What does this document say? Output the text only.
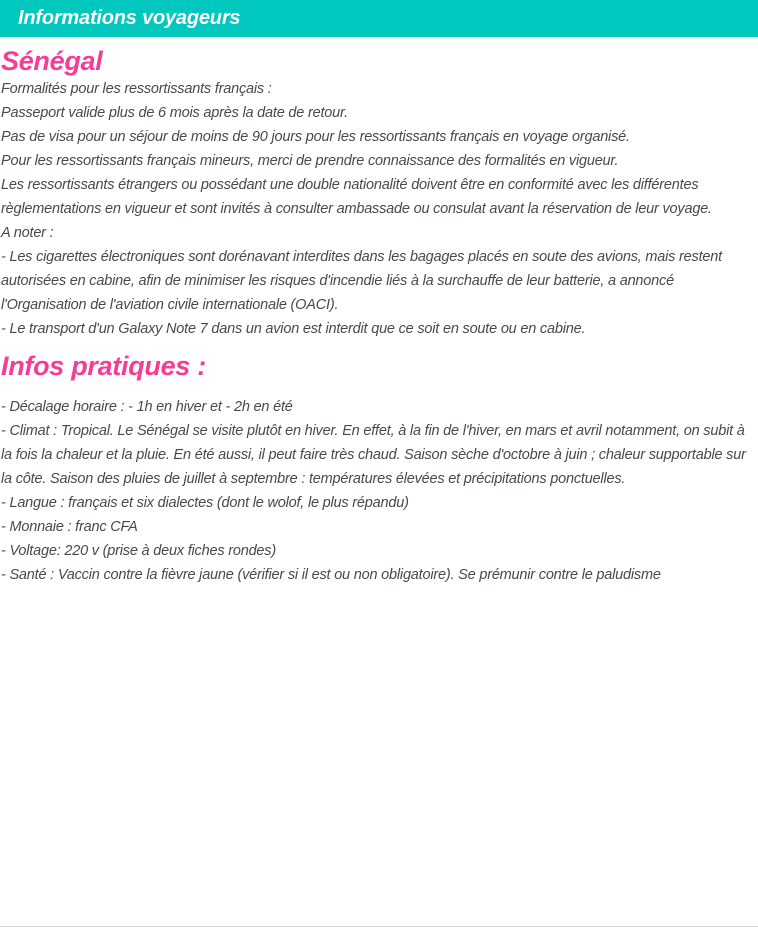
Informations voyageurs
Sénégal

Formalités pour les ressortissants français :

Passeport valide plus de 6 mois après la date de retour.

Pas de visa pour un séjour de moins de 90 jours pour les ressortissants français en voyage organisé.

Pour les ressortissants français mineurs, merci de prendre connaissance des formalités en vigueur.

Les ressortissants étrangers ou possédant une double nationalité doivent être en conformité avec les différentes règlementations en vigueur et sont invités à consulter ambassade ou consulat avant la réservation de leur voyage.

A noter :

- Les cigarettes électroniques sont dorénavant interdites dans les bagages placés en soute des avions, mais restent autorisées en cabine, afin de minimiser les risques d'incendie liés à la surchauffe de leur batterie, a annoncé l'Organisation de l'aviation civile internationale (OACI).

- Le transport d'un Galaxy Note 7 dans un avion est interdit que ce soit en soute ou en cabine.

Infos pratiques :

- Décalage horaire : - 1h en hiver et - 2h en été

- Climat : Tropical. Le Sénégal se visite plutôt en hiver. En effet, à la fin de l'hiver, en mars et avril notamment, on subit à la fois la chaleur et la pluie. En été aussi, il peut faire très chaud. Saison sèche d'octobre à juin ; chaleur supportable sur la côte. Saison des pluies de juillet à septembre : températures élevées et précipitations ponctuelles.

- Langue : français et six dialectes (dont le wolof, le plus répandu)

- Monnaie : franc CFA

- Voltage: 220 v (prise à deux fiches rondes)

- Santé : Vaccin contre la fièvre jaune (vérifier si il est ou non obligatoire). Se prémunir contre le paludisme
